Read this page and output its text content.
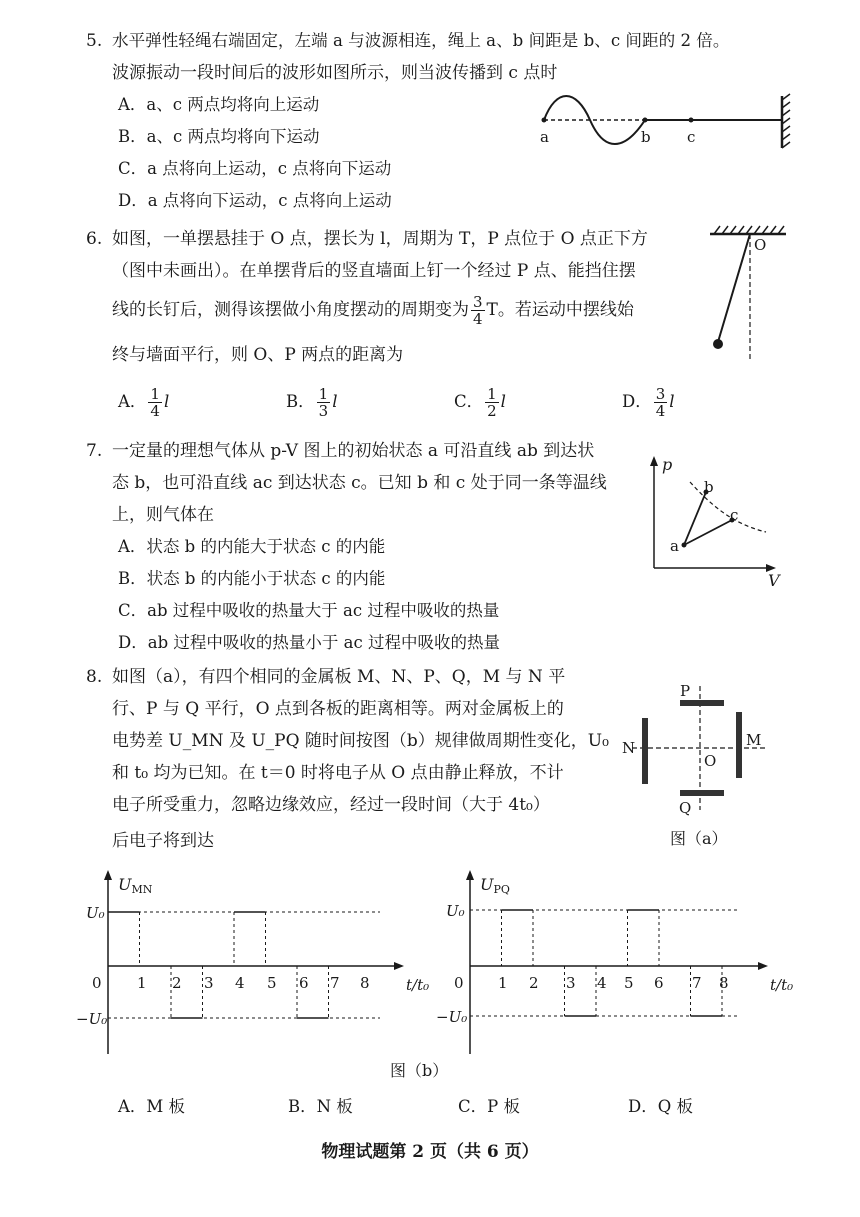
5. 水平弹性轻绳右端固定，左端 a 与波源相连，绳上 a、b 间距是 b、c 间距的 2 倍。
波源振动一段时间后的波形如图所示，则当波传播到 c 点时
A．a、c 两点均将向上运动
B．a、c 两点均将向下运动
C．a 点将向上运动，c 点将向下运动
D．a 点将向下运动，c 点将向上运动
a	b c
6. 如图，一单摆悬挂于 O 点，摆长为 l，周期为 T，P 点位于 O 点正下方
（图中未画出）。在单摆背后的竖直墙面上钉一个经过 P 点、能挡住摆
线的长钉后，测得该摆做小角度摆动的周期变为 $\frac{3}{4}$ T。若运动中摆线始
终与墙面平行，则 O、P 两点的距离为
A． $\frac{1}{4}$ l	B． $\frac{1}{3}$ l	C． $\frac{1}{2}$ l	D． $\frac{3}{4}$ l
O
7. 一定量的理想气体从 p-V 图上的初始状态 a 可沿直线 ab 到达状
态 b，也可沿直线 ac 到达状态 c。已知 b 和 c 处于同一条等温线
上，则气体在
A．状态 b 的内能大于状态 c 的内能
B．状态 b 的内能小于状态 c 的内能
C．ab 过程中吸收的热量大于 ac 过程中吸收的热量
D．ab 过程中吸收的热量小于 ac 过程中吸收的热量
p
V
a
b
c
8. 如图（a），有四个相同的金属板 M、N、P、Q，M 与 N 平
行、P 与 Q 平行，O 点到各板的距离相等。两对金属板上的
电势差 U_MN 及 U_PQ 随时间按图（b）规律做周期性变化，U₀
和 t₀ 均为已知。在 t＝0 时将电子从 O 点由静止释放，不计
电子所受重力，忽略边缘效应，经过一段时间（大于 4t₀）
后电子将到达
P
Q
N	M
O
图（a）
UMN
U₀
0
−U₀
t/t₀
1 2 3 4 5 6 7 8
UPQ
U₀
0
−U₀
t/t₀
1 2 3 4 5 6 7 8
图（b）
A．M 板	B．N 板	C．P 板	D．Q 板
物理试题第 2 页（共 6 页）
